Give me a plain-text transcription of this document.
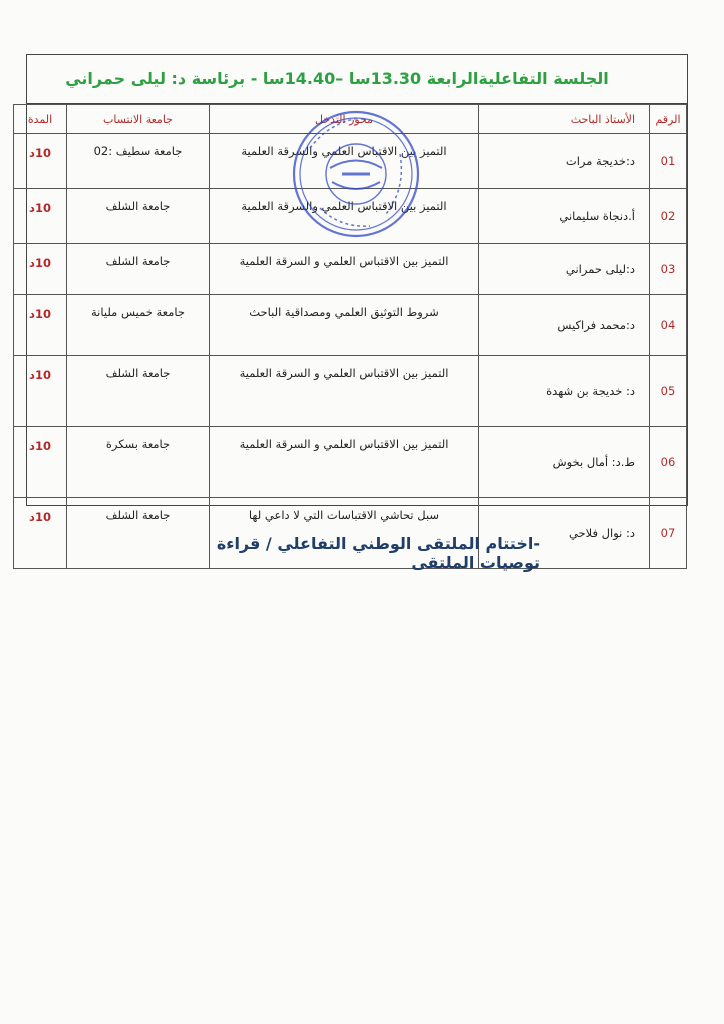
الجلسة التفاعليةالرابعة 13.30سا –14.40سا - برئاسة د: ليلى حمراني
الرقم	الأستاذ الباحث	محور التدخل	جامعة الانتساب	المدة
01	د:خديجة مرات	التميز بين الاقتباس العلمي والسرقة العلمية	جامعة سطيف :02	10د
02	أ.دنجاة سليماني	التميز بين الاقتباس العلمي والسرقة العلمية	جامعة الشلف	10د
03	د:ليلى حمراني	التميز بين الاقتباس العلمي و السرقة العلمية	جامعة الشلف	10د
04	د:محمد فراكيس	شروط التوثيق العلمي ومصداقية الباحث	جامعة خميس مليانة	10د
05	د: خديجة بن شهدة	التميز بين الاقتباس العلمي و السرقة العلمية	جامعة الشلف	10د
06	ط.د: أمال بخوش	التميز بين الاقتباس العلمي و السرقة العلمية	جامعة بسكرة	10د
07	د: نوال فلاحي	سبل تحاشي الاقتباسات التي لا داعي لها	جامعة الشلف	10د
-اختتام الملتقى الوطني التفاعلي / قراءة توصيات الملتقى
